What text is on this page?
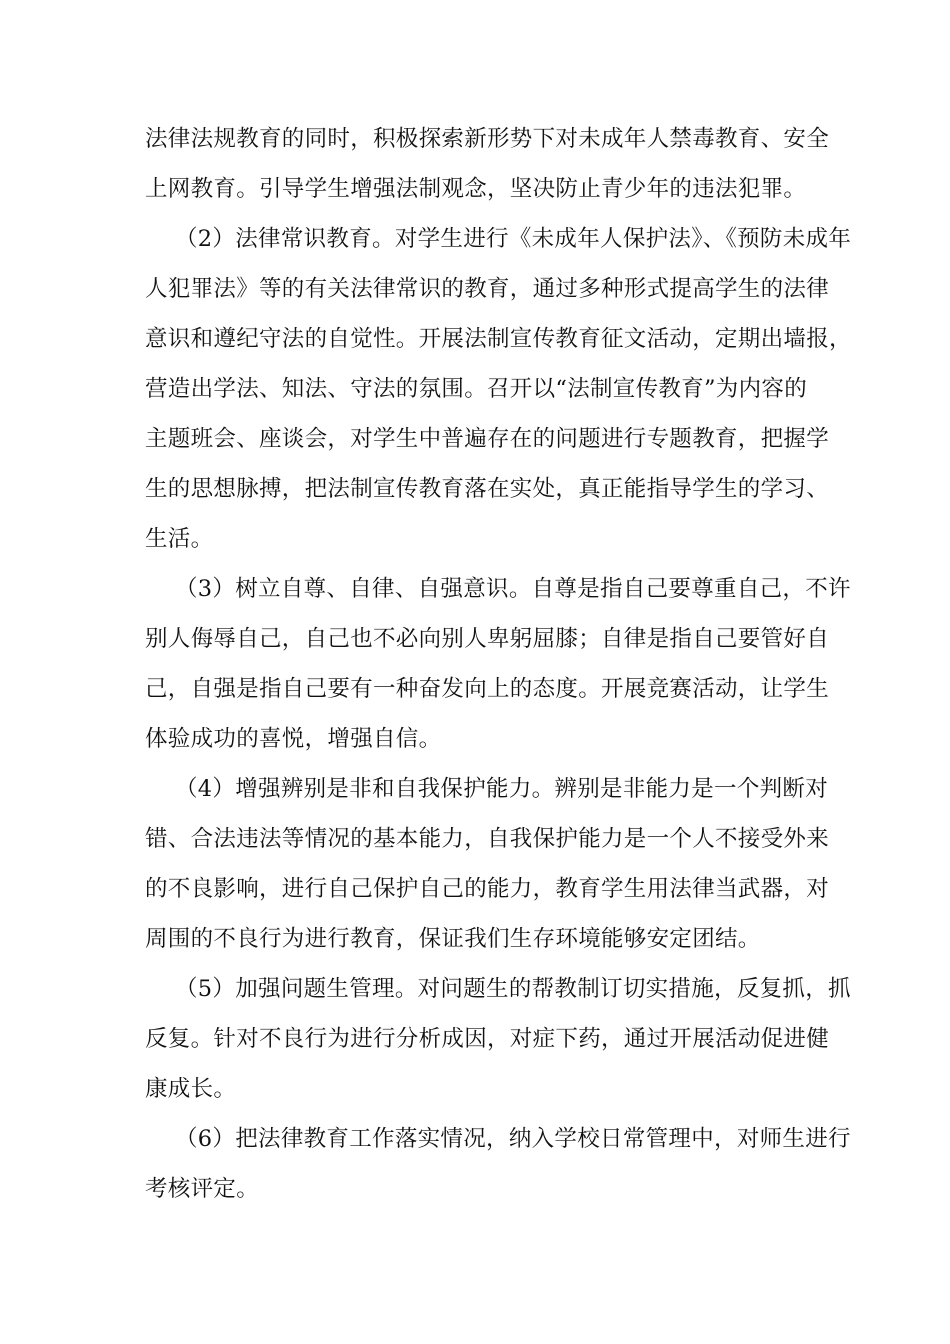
法律法规教育的同时，积极探索新形势下对未成年人禁毒教育、安全
上网教育。引导学生增强法制观念，坚决防止青少年的违法犯罪。
（2）法律常识教育。对学生进行《未成年人保护法》、《预防未成年
人犯罪法》等的有关法律常识的教育，通过多种形式提高学生的法律
意识和遵纪守法的自觉性。开展法制宣传教育征文活动，定期出墙报，
营造出学法、知法、守法的氛围。召开以“法制宣传教育”为内容的
主题班会、座谈会，对学生中普遍存在的问题进行专题教育，把握学
生的思想脉搏，把法制宣传教育落在实处，真正能指导学生的学习、
生活。
（3）树立自尊、自律、自强意识。自尊是指自己要尊重自己，不许
别人侮辱自己，自己也不必向别人卑躬屈膝；自律是指自己要管好自
己，自强是指自己要有一种奋发向上的态度。开展竞赛活动，让学生
体验成功的喜悦，增强自信。
（4）增强辨别是非和自我保护能力。辨别是非能力是一个判断对
错、合法违法等情况的基本能力，自我保护能力是一个人不接受外来
的不良影响，进行自己保护自己的能力，教育学生用法律当武器，对
周围的不良行为进行教育，保证我们生存环境能够安定团结。
（5）加强问题生管理。对问题生的帮教制订切实措施，反复抓，抓
反复。针对不良行为进行分析成因，对症下药，通过开展活动促进健
康成长。
（6）把法律教育工作落实情况，纳入学校日常管理中，对师生进行
考核评定。
